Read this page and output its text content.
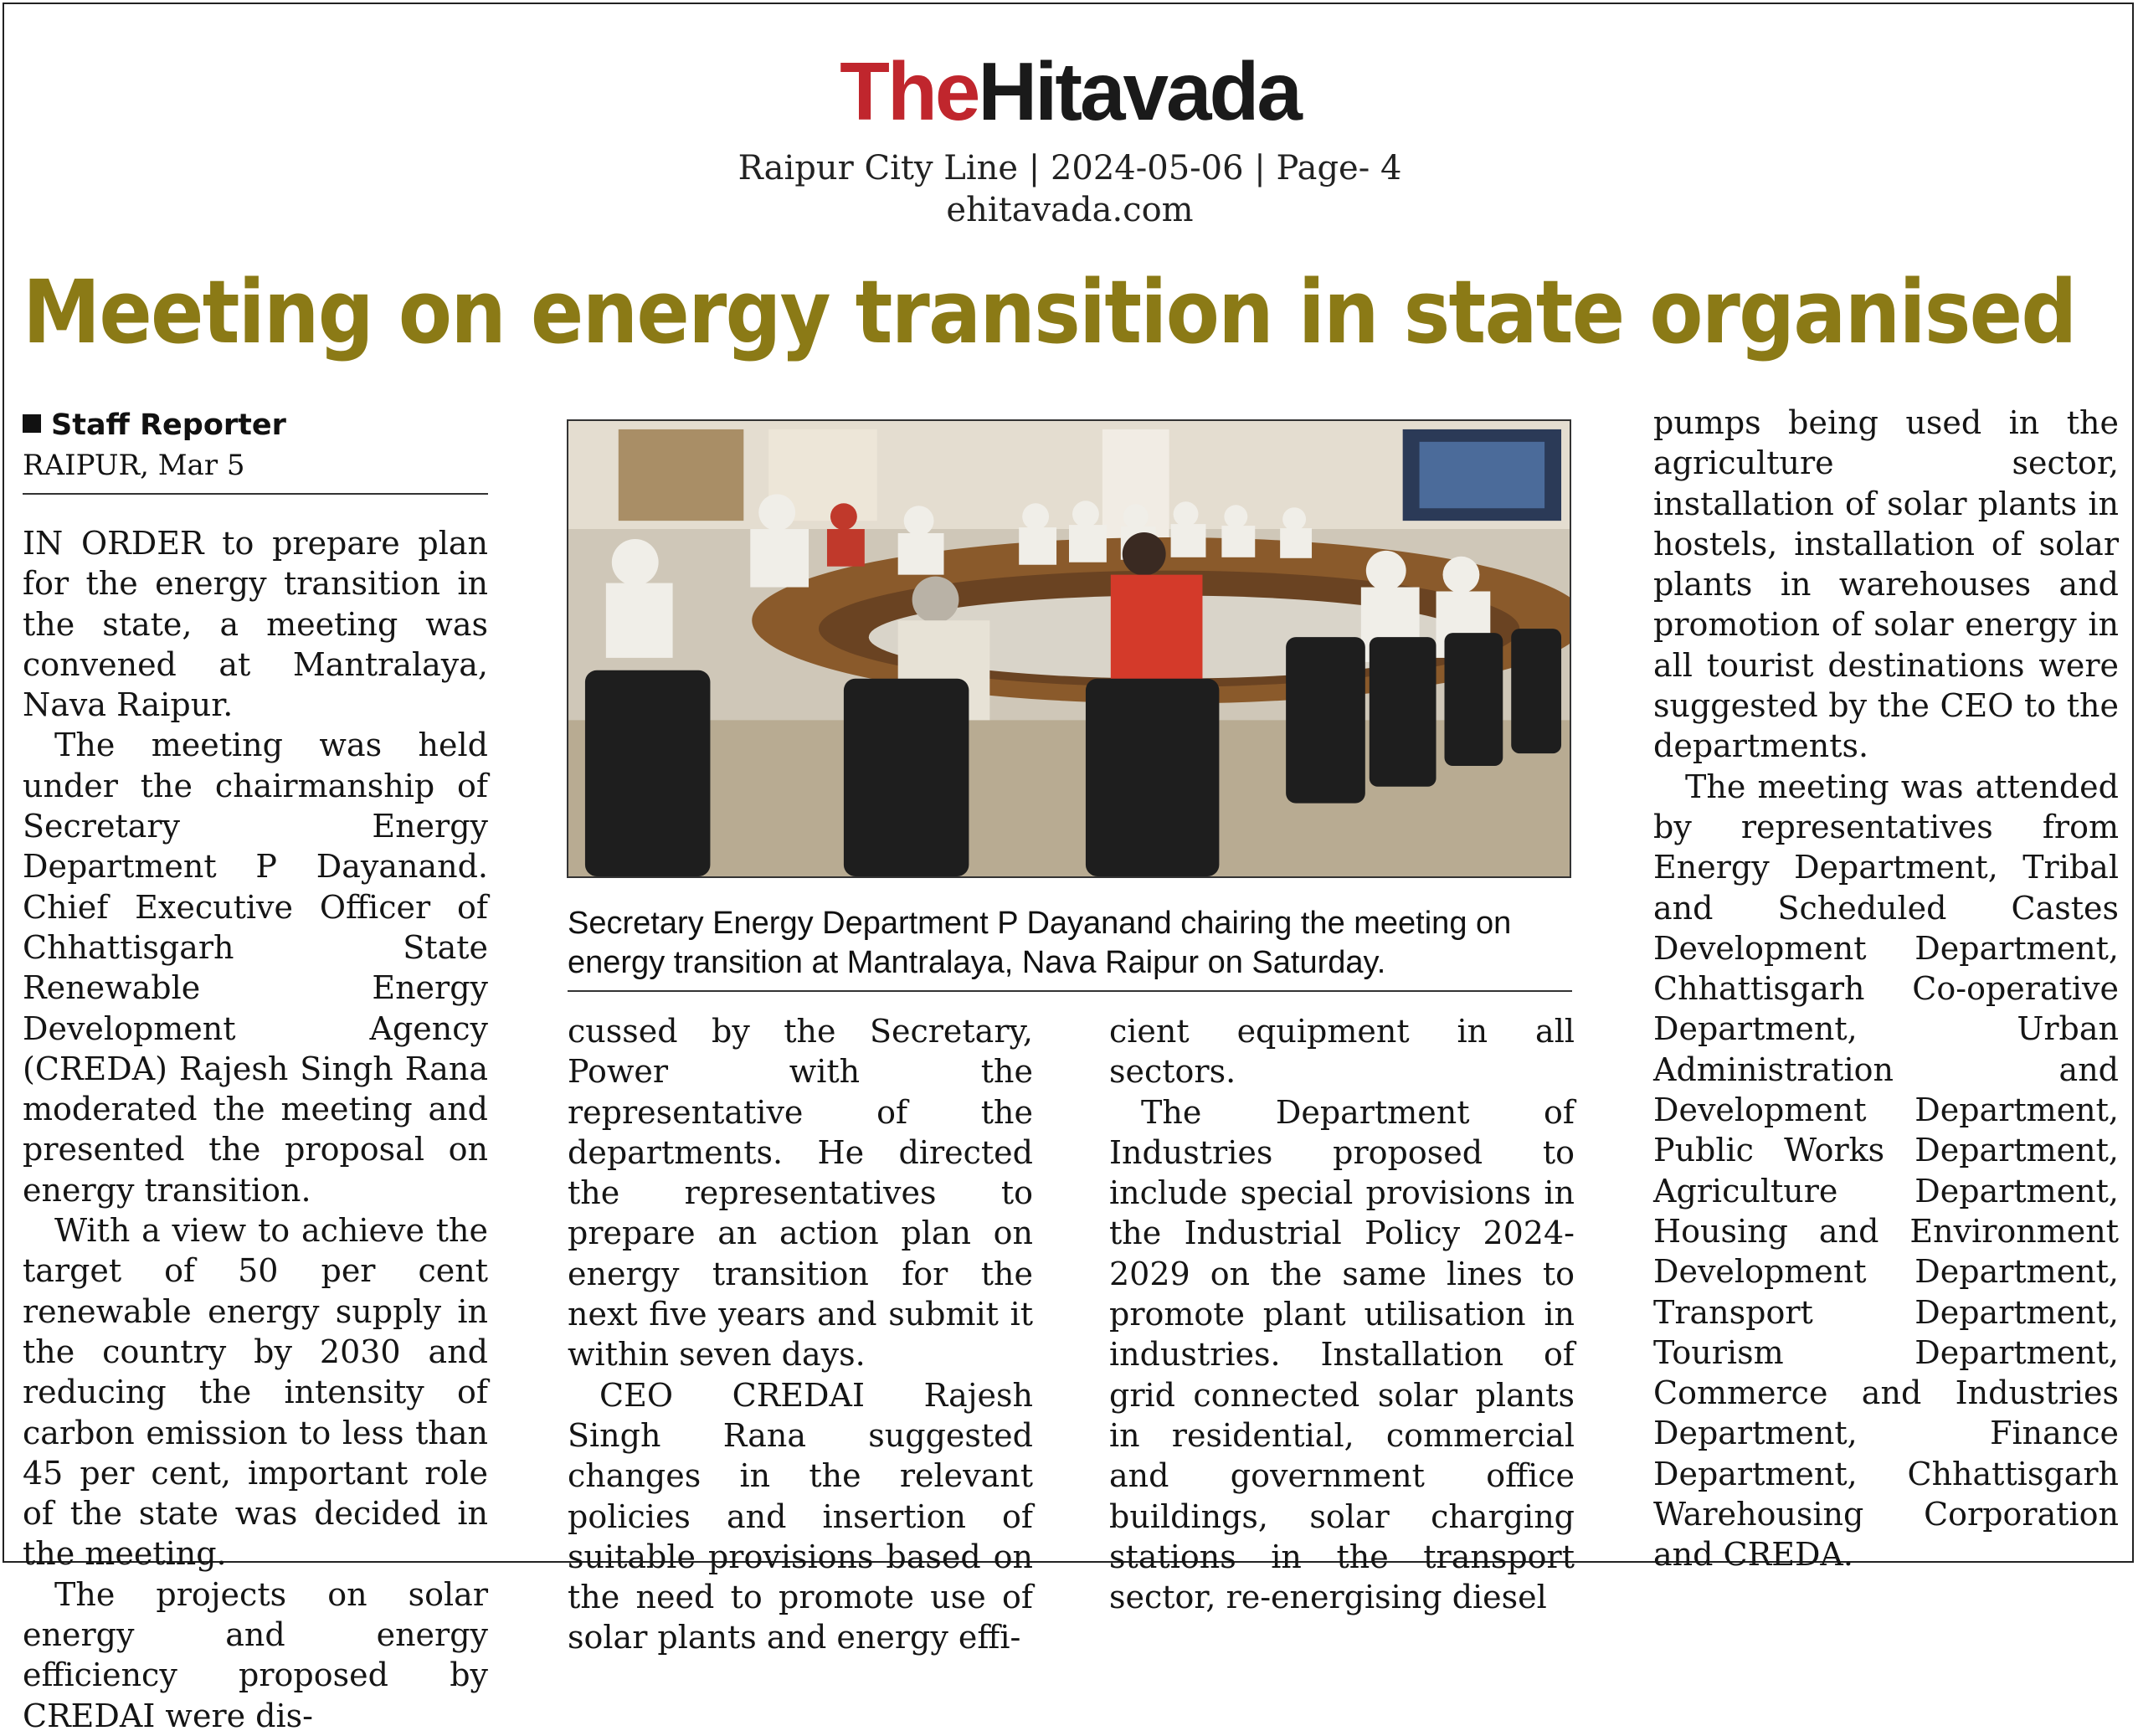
TheHitavada
Raipur City Line | 2024-05-06 | Page- 4
ehitavada.com
Meeting on energy transition in state organised
Staff Reporter
RAIPUR, Mar 5

IN ORDER to prepare plan for the energy transition in the state, a meeting was convened at Mantralaya, Nava Raipur.

The meeting was held under the chairmanship of Secretary Energy Department P Dayanand. Chief Executive Officer of Chhattisgarh State Renewable Energy Development Agency (CREDA) Rajesh Singh Rana moderated the meeting and presented the proposal on energy transition.

With a view to achieve the target of 50 per cent renewable energy supply in the country by 2030 and reducing the intensity of carbon emission to less than 45 per cent, important role of the state was decided in the meeting.

The projects on solar energy and energy efficiency proposed by CREDAI were dis-

Secretary Energy Department P Dayanand chairing the meeting on energy transition at Mantralaya, Nava Raipur on Saturday.

cussed by the Secretary, Power with the representative of the departments. He directed the representatives to prepare an action plan on energy transition for the next five years and submit it within seven days.

CEO CREDAI Rajesh Singh Rana suggested changes in the relevant policies and insertion of suitable provisions based on the need to promote use of solar plants and energy effi-

cient equipment in all sectors.

The Department of Industries proposed to include special provisions in the Industrial Policy 2024-2029 on the same lines to promote plant utilisation in industries. Installation of grid connected solar plants in residential, commercial and government office buildings, solar charging stations in the transport sector, re-energising diesel

pumps being used in the agriculture sector, installation of solar plants in hostels, installation of solar plants in warehouses and promotion of solar energy in all tourist destinations were suggested by the CEO to the departments.

The meeting was attended by representatives from Energy Department, Tribal and Scheduled Castes Development Department, Chhattisgarh Co-operative Department, Urban Administration and Development Department, Public Works Department, Agriculture Department, Housing and Environment Development Department, Transport Department, Tourism Department, Commerce and Industries Department, Finance Department, Chhattisgarh Warehousing Corporation and CREDA.
